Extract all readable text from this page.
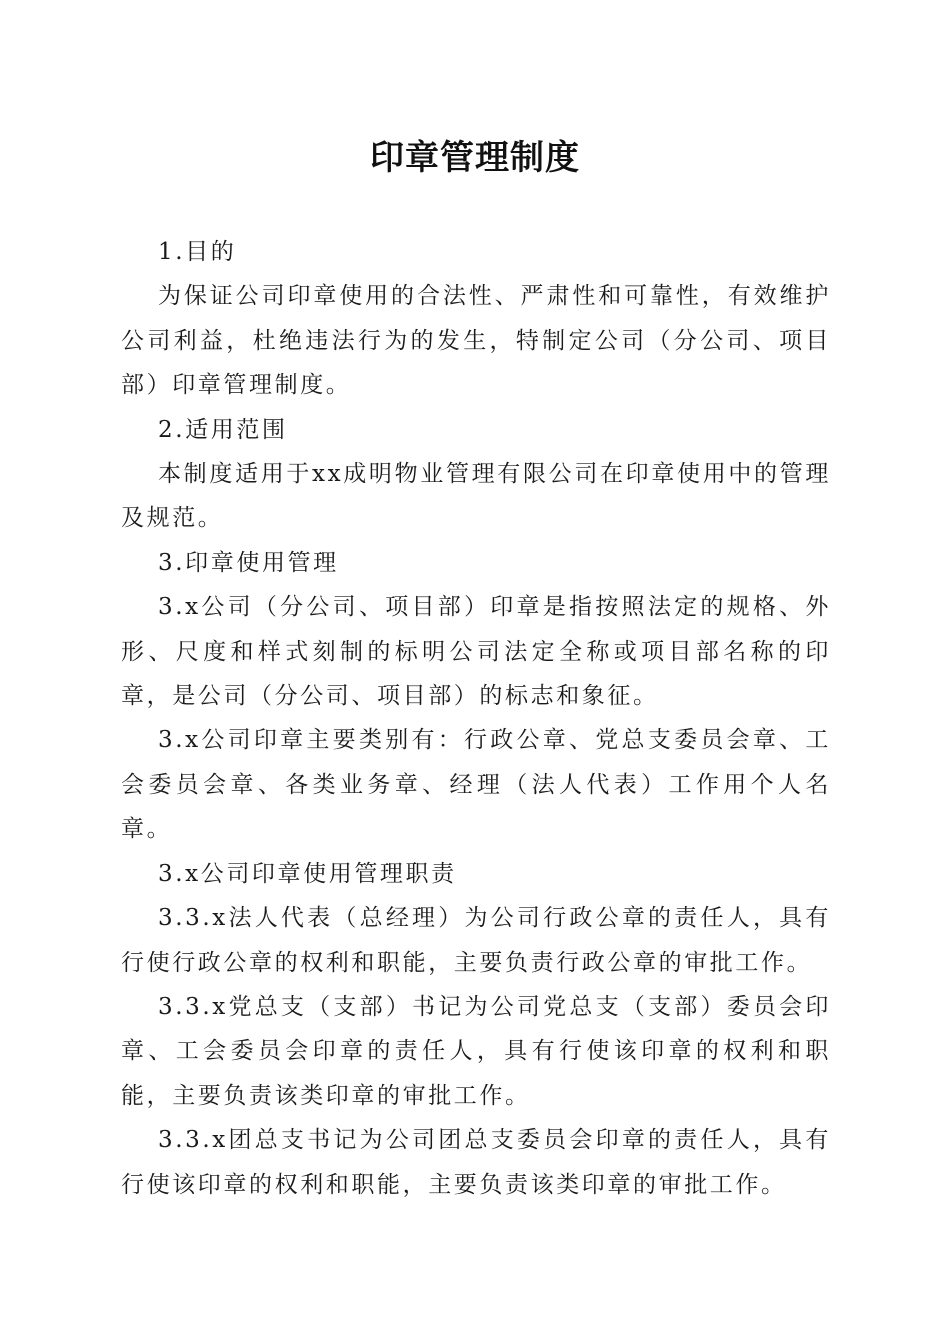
印章管理制度

1.目的

为保证公司印章使用的合法性、严肃性和可靠性，有效维护公司利益，杜绝违法行为的发生，特制定公司（分公司、项目部）印章管理制度。

2.适用范围

本制度适用于xx成明物业管理有限公司在印章使用中的管理及规范。

3.印章使用管理

3.x公司（分公司、项目部）印章是指按照法定的规格、外形、尺度和样式刻制的标明公司法定全称或项目部名称的印章，是公司（分公司、项目部）的标志和象征。

3.x公司印章主要类别有：行政公章、党总支委员会章、工会委员会章、各类业务章、经理（法人代表）工作用个人名章。

3.x公司印章使用管理职责

3.3.x法人代表（总经理）为公司行政公章的责任人，具有行使行政公章的权利和职能，主要负责行政公章的审批工作。

3.3.x党总支（支部）书记为公司党总支（支部）委员会印章、工会委员会印章的责任人，具有行使该印章的权利和职能，主要负责该类印章的审批工作。

3.3.x团总支书记为公司团总支委员会印章的责任人，具有行使该印章的权利和职能，主要负责该类印章的审批工作。
